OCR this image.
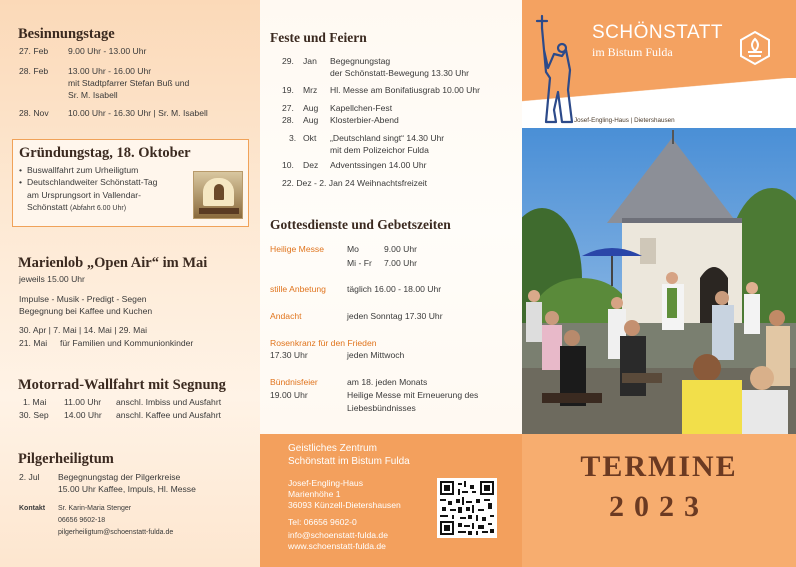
Besinnungstage
27. Feb 9.00 Uhr - 13.00 Uhr
28. Feb 13.00 Uhr - 16.00 Uhr
mit Stadtpfarrer Stefan Buß und
Sr. M. Isabell
28. Nov 10.00 Uhr - 16.30 Uhr | Sr. M. Isabell
Gründungstag, 18. Oktober
• Buswallfahrt zum Urheiligtum
• Deutschlandweiter Schönstatt-Tag
am Ursprungsort in Vallendar-
Schönstatt (Abfahrt 6.00 Uhr)
Marienlob „Open Air“ im Mai
jeweils 15.00 Uhr
Impulse - Musik - Predigt - Segen
Begegnung bei Kaffee und Kuchen
30. Apr | 7. Mai | 14. Mai | 29. Mai
21. Mai für Familien und Kommunionkinder
Motorrad-Wallfahrt mit Segnung
1. Mai 11.00 Uhr anschl. Imbiss und Ausfahrt
30. Sep 14.00 Uhr anschl. Kaffee und Ausfahrt
Pilgerheiligtum
2. Jul Begegnungstag der Pilgerkreise
15.00 Uhr Kaffee, Impuls, Hl. Messe
Kontakt Sr. Karin-Maria Stenger
06656 9602-18
pilgerheiligtum@schoenstatt-fulda.de
Feste und Feiern
29. Jan Begegnungstag
der Schönstatt-Bewegung 13.30 Uhr
19. Mrz Hl. Messe am Bonifatiusgrab 10.00 Uhr
27. Aug Kapellchen-Fest
28. Aug Klosterbier-Abend
3. Okt „Deutschland singt“ 14.30 Uhr
mit dem Polizeichor Fulda
10. Dez Adventssingen 14.00 Uhr
22. Dez - 2. Jan 24 Weihnachtsfreizeit
Gottesdienste und Gebetszeiten
Heilige Messe	Mo	9.00 Uhr
Mi - Fr 7.00 Uhr
stille Anbetung täglich 16.00 - 18.00 Uhr
Andacht	jeden Sonntag 17.30 Uhr
Rosenkranz für den Frieden
17.30 Uhr	jeden Mittwoch
Bündnisfeier	am 18. jeden Monats
19.00 Uhr	Heilige Messe mit Erneuerung des
Liebesbündnisses
Geistliches Zentrum
Schönstatt im Bistum Fulda
Josef-Engling-Haus
Marienhöhe 1
36093 Künzell-Dietershausen
Tel: 06656 9602-0
info@schoenstatt-fulda.de
www.schoenstatt-fulda.de
SCHÖNSTATT
im Bistum Fulda
Josef-Engling-Haus | Dietershausen
TERMINE
2023
